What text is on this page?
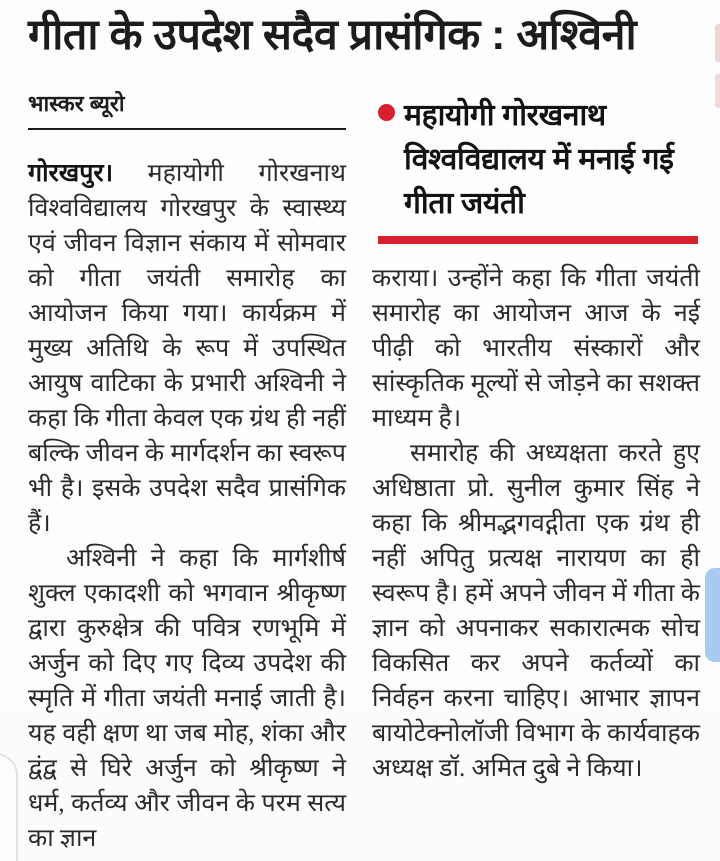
गीता के उपदेश सदैव प्रासंगिक : अश्विनी
भास्कर ब्यूरो

गोरखपुर। महायोगी गोरखनाथ विश्वविद्यालय गोरखपुर के स्वास्थ्य एवं जीवन विज्ञान संकाय में सोमवार को गीता जयंती समारोह का आयोजन किया गया। कार्यक्रम में मुख्य अतिथि के रूप में उपस्थित आयुष वाटिका के प्रभारी अश्विनी ने कहा कि गीता केवल एक ग्रंथ ही नहीं बल्कि जीवन के मार्गदर्शन का स्वरूप भी है। इसके उपदेश सदैव प्रासंगिक हैं।

अश्विनी ने कहा कि मार्गशीर्ष शुक्ल एकादशी को भगवान श्रीकृष्ण द्वारा कुरुक्षेत्र की पवित्र रणभूमि में अर्जुन को दिए गए दिव्य उपदेश की स्मृति में गीता जयंती मनाई जाती है। यह वही क्षण था जब मोह, शंका और द्वंद्व से घिरे अर्जुन को श्रीकृष्ण ने धर्म, कर्तव्य और जीवन के परम सत्य का ज्ञान

महायोगी गोरखनाथ विश्वविद्यालय में मनाई गई गीता जयंती

कराया। उन्होंने कहा कि गीता जयंती समारोह का आयोजन आज के नई पीढ़ी को भारतीय संस्कारों और सांस्कृतिक मूल्यों से जोड़ने का सशक्त माध्यम है।

समारोह की अध्यक्षता करते हुए अधिष्ठाता प्रो. सुनील कुमार सिंह ने कहा कि श्रीमद्भगवद्गीता एक ग्रंथ ही नहीं अपितु प्रत्यक्ष नारायण का ही स्वरूप है। हमें अपने जीवन में गीता के ज्ञान को अपनाकर सकारात्मक सोच विकसित कर अपने कर्तव्यों का निर्वहन करना चाहिए। आभार ज्ञापन बायोटेक्नोलॉजी विभाग के कार्यवाहक अध्यक्ष डॉ. अमित दुबे ने किया।
